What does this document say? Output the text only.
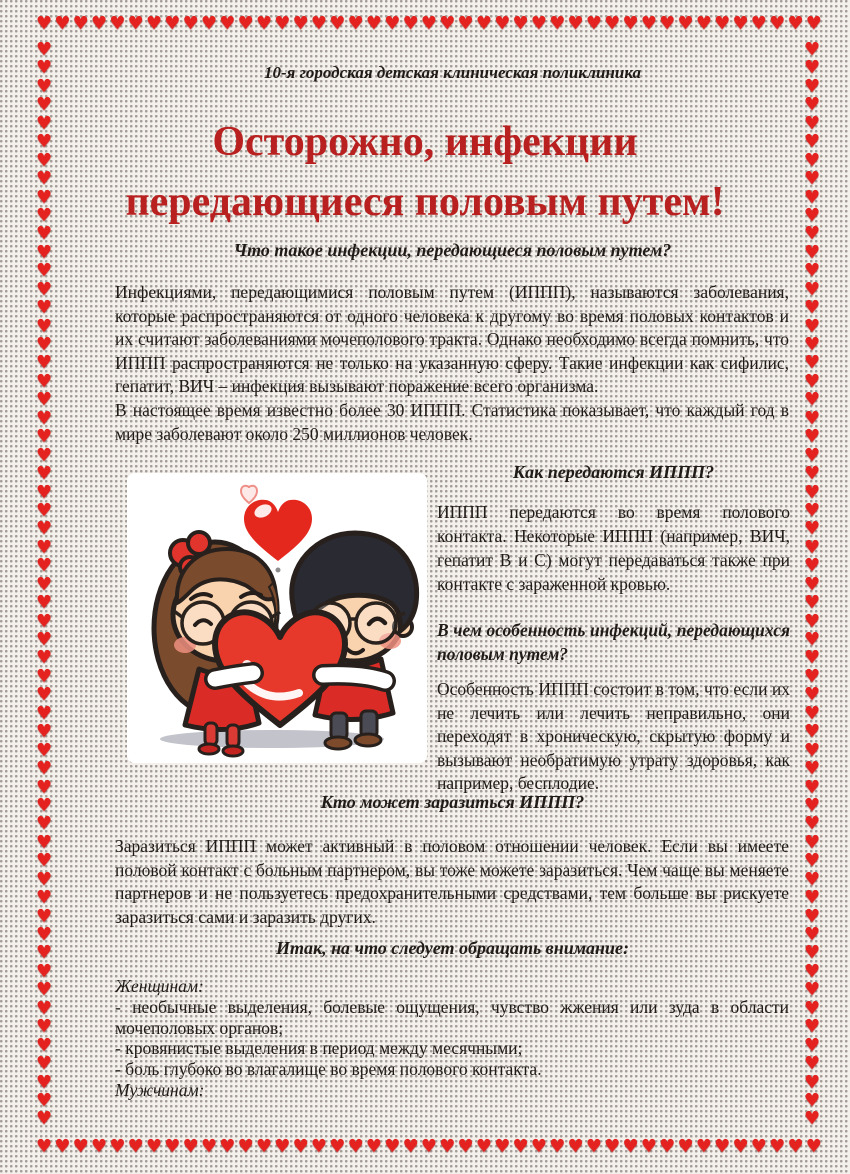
♥ ♥ ♥ ♥ ♥ ♥ ♥ ♥ ♥ ♥ ♥ ♥ ♥ ♥ ♥ ♥ ♥ ♥ ♥ ♥ ♥ ♥ ♥ ♥ ♥ ♥ ♥ ♥ ♥ ♥ ♥ ♥ ♥ ♥ ♥ ♥ ♥ ♥ ♥ ♥ ♥ ♥ ♥
♥ ♥ ♥ ♥ ♥ ♥ ♥ ♥ ♥ ♥ ♥ ♥ ♥ ♥ ♥ ♥ ♥ ♥ ♥ ♥ ♥ ♥ ♥ ♥ ♥ ♥ ♥ ♥ ♥ ♥ ♥ ♥ ♥ ♥ ♥ ♥ ♥ ♥ ♥ ♥ ♥ ♥ ♥
♥
♥
♥
♥
♥
♥
♥
♥
♥
♥
♥
♥
♥
♥
♥
♥
♥
♥
♥
♥
♥
♥
♥
♥
♥
♥
♥
♥
♥
♥
♥
♥
♥
♥
♥
♥
♥
♥
♥
♥
♥
♥
♥
♥
♥
♥
♥
♥
♥
♥
♥
♥
♥
♥
♥
♥
♥
♥
♥
♥
♥
♥
♥
♥
♥
♥
♥
♥
♥
♥
♥
♥
♥
♥
♥
♥
♥
♥
♥
♥
♥
♥
♥
♥
♥
♥
♥
♥
♥
♥
♥
♥
♥
♥
♥
♥
♥
♥
♥
♥
♥
♥
♥
♥
♥
♥
♥
♥
♥
♥
♥
♥
♥
♥
♥
♥
♥
♥
10-я городская детская клиническая поликлиника
Осторожно, инфекции
передающиеся половым путем!
Что такое инфекции, передающиеся половым путем?
Инфекциями, передающимися половым путем (ИППП), называются заболевания, которые распространяются от одного человека к другому во время половых контактов и их считают заболеваниями мочеполового тракта. Однако необходимо всегда помнить, что ИППП распространяются не только на указанную сферу. Такие инфекции как сифилис, гепатит, ВИЧ – инфекция вызывают поражение всего организма.
В настоящее время известно более 30 ИППП. Статистика показывает, что каждый год в мире заболевают около 250 миллионов человек.
Как передаются ИППП?

ИППП передаются во время полового контакта. Некоторые ИППП (например, ВИЧ, гепатит В и С) могут передаваться также при контакте с зараженной кровью.

В чем особенность инфекций, передающихся половым путем?

Особенность ИППП состоит в том, что если их не лечить или лечить неправильно, они переходят в хроническую, скрытую форму и вызывают необратимую утрату здоровья, как например, бесплодие.

Кто может заразиться ИППП?
Заразиться ИППП может активный в половом отношении человек. Если вы имеете половой контакт с больным партнером, вы тоже можете заразиться. Чем чаще вы меняете партнеров и не пользуетесь предохранительными средствами, тем больше вы рискуете заразиться сами и заразить других.
Итак, на что следует обращать внимание:
Женщинам:
- необычные выделения, болевые ощущения, чувство жжения или зуда в области мочеполовых органов;
- кровянистые выделения в период между месячными;
- боль глубоко во влагалище во время полового контакта.
Мужчинам:
